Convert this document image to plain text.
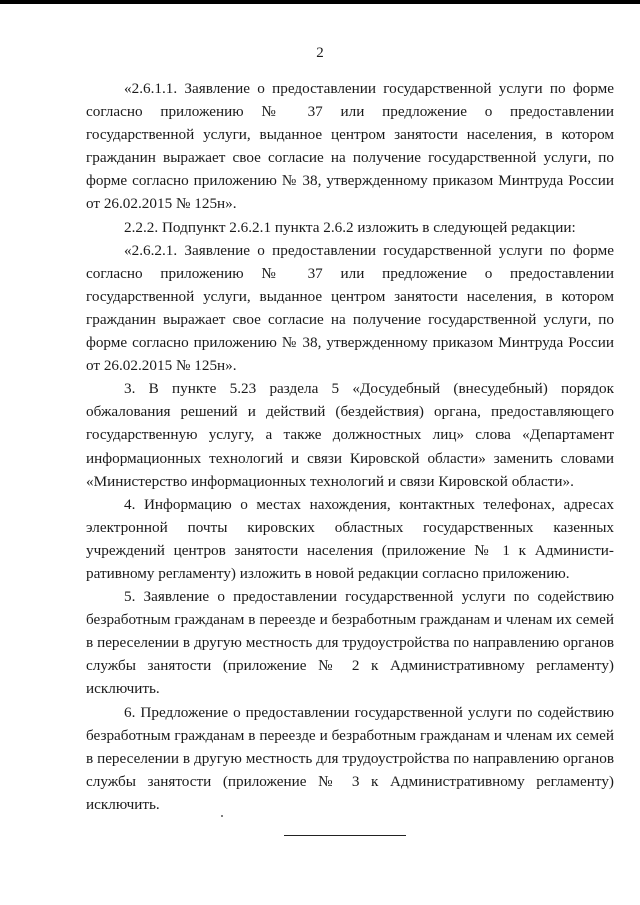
2
«2.6.1.1. Заявление о предоставлении государственной услуги по форме
согласно приложению № 37 или предложение о предоставлении
государственной услуги, выданное центром занятости населения, в котором
гражданин выражает свое согласие на получение государственной услуги, по
форме согласно приложению № 38, утвержденному приказом Минтруда России
от 26.02.2015 № 125н».
2.2.2. Подпункт 2.6.2.1 пункта 2.6.2 изложить в следующей редакции:
«2.6.2.1. Заявление о предоставлении государственной услуги по форме
согласно приложению № 37 или предложение о предоставлении
государственной услуги, выданное центром занятости населения, в котором
гражданин выражает свое согласие на получение государственной услуги, по
форме согласно приложению № 38, утвержденному приказом Минтруда России
от 26.02.2015 № 125н».
3. В пункте 5.23 раздела 5 «Досудебный (внесудебный) порядок
обжалования решений и действий (бездействия) органа, предоставляющего
государственную услугу, а также должностных лиц» слова «Департамент
информационных технологий и связи Кировской области» заменить словами
«Министерство информационных технологий и связи Кировской области».
4. Информацию о местах нахождения, контактных телефонах, адресах
электронной почты кировских областных государственных казенных
учреждений центров занятости населения (приложение № 1 к Администи-
ративному регламенту) изложить в новой редакции согласно приложению.
5. Заявление о предоставлении государственной услуги по содействию
безработным гражданам в переезде и безработным гражданам и членам их семей
в переселении в другую местность для трудоустройства по направлению органов
службы занятости (приложение № 2 к Административному регламенту)
исключить.
6. Предложение о предоставлении государственной услуги по содействию
безработным гражданам в переезде и безработным гражданам и членам их семей
в переселении в другую местность для трудоустройства по направлению органов
службы занятости (приложение № 3 к Административному регламенту)
исключить.
